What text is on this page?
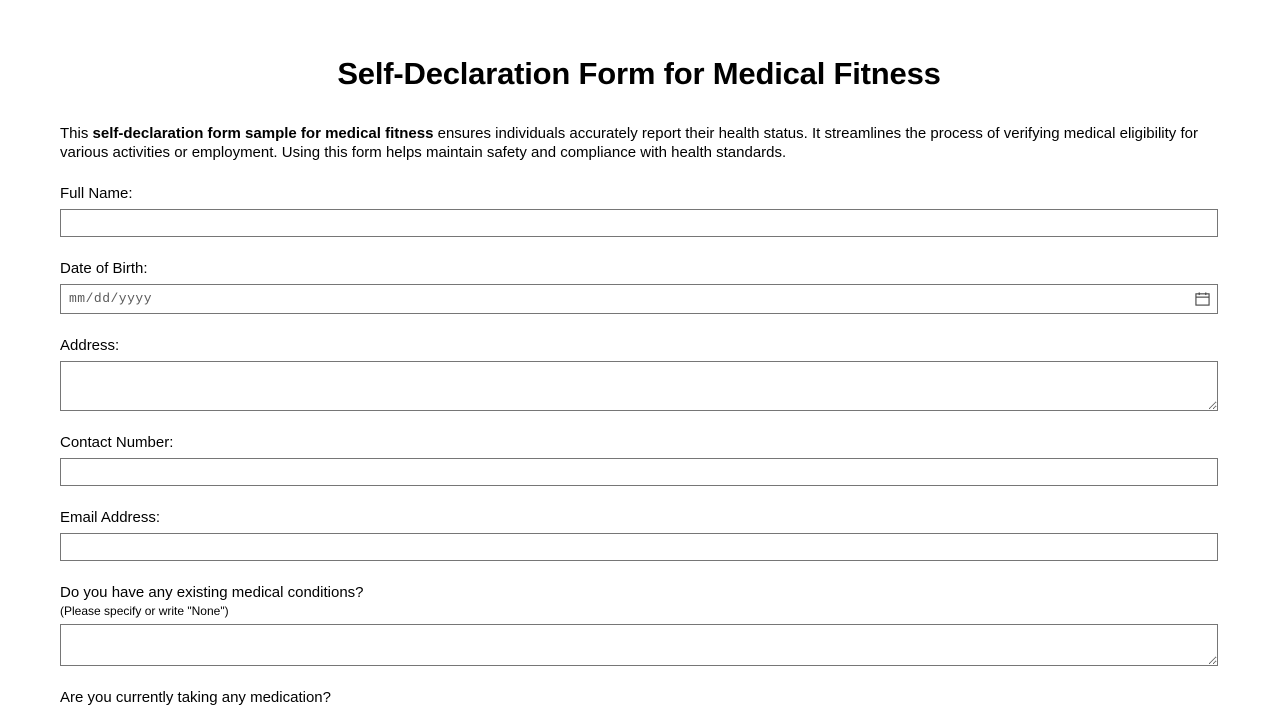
Self-Declaration Form for Medical Fitness

This self-declaration form sample for medical fitness ensures individuals accurately report their health status. It streamlines the process of verifying medical eligibility for various activities or employment. Using this form helps maintain safety and compliance with health standards.

Full Name:
Date of Birth:
mm/dd/yyyy
Address:
Contact Number:
Email Address:
Do you have any existing medical conditions?
(Please specify or write "None")
Are you currently taking any medication?
